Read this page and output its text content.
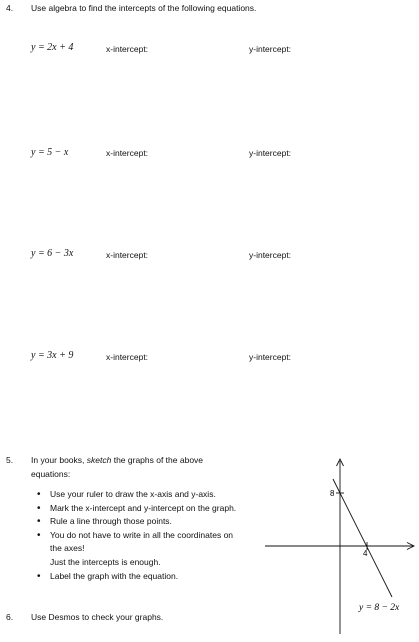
4. Use algebra to find the intercepts of the following equations.
y = 2x + 4	x-intercept:	y-intercept:
y = 5 − x	x-intercept:	y-intercept:
y = 6 − 3x	x-intercept:	y-intercept:
y = 3x + 9	x-intercept:	y-intercept:
5. In your books, sketch the graphs of the above
equations:
• Use your ruler to draw the x-axis and y-axis.
• Mark the x-intercept and y-intercept on the graph.
• Rule a line through those points.
• You do not have to write in all the coordinates on
the axes!
Just the intercepts is enough.
• Label the graph with the equation.
8
4
y = 8 − 2x
6. Use Desmos to check your graphs.
